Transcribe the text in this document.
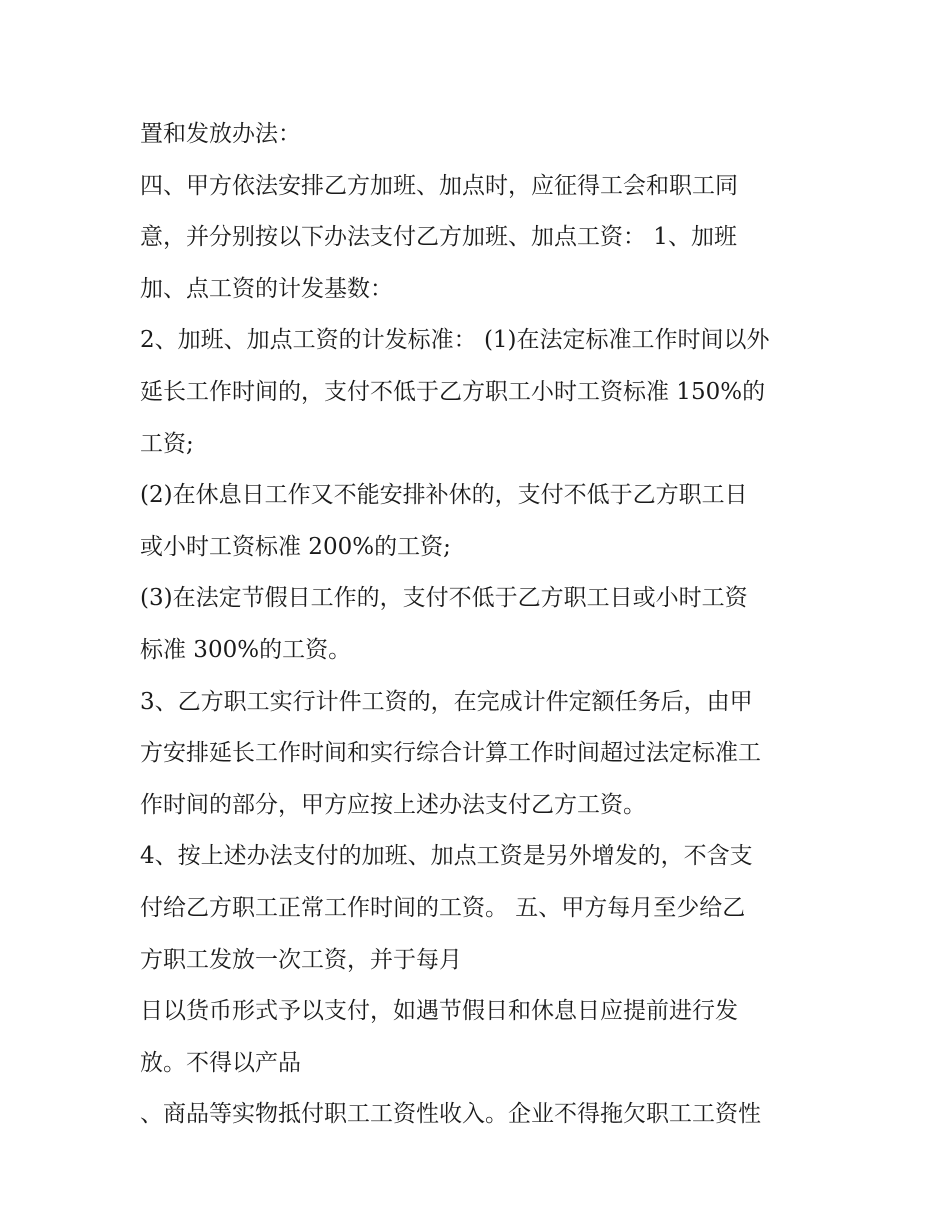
置和发放办法：
四、甲方依法安排乙方加班、加点时，应征得工会和职工同
意，并分别按以下办法支付乙方加班、加点工资： 1、加班
加、点工资的计发基数：
2、加班、加点工资的计发标准： (1)在法定标准工作时间以外
延长工作时间的，支付不低于乙方职工小时工资标准 150%的
工资;
(2)在休息日工作又不能安排补休的，支付不低于乙方职工日
或小时工资标准 200%的工资;
(3)在法定节假日工作的，支付不低于乙方职工日或小时工资
标准 300%的工资。
3、乙方职工实行计件工资的，在完成计件定额任务后，由甲
方安排延长工作时间和实行综合计算工作时间超过法定标准工
作时间的部分，甲方应按上述办法支付乙方工资。
4、按上述办法支付的加班、加点工资是另外增发的，不含支
付给乙方职工正常工作时间的工资。 五、甲方每月至少给乙
方职工发放一次工资，并于每月
日以货币形式予以支付，如遇节假日和休息日应提前进行发
放。不得以产品
、商品等实物抵付职工工资性收入。企业不得拖欠职工工资性
